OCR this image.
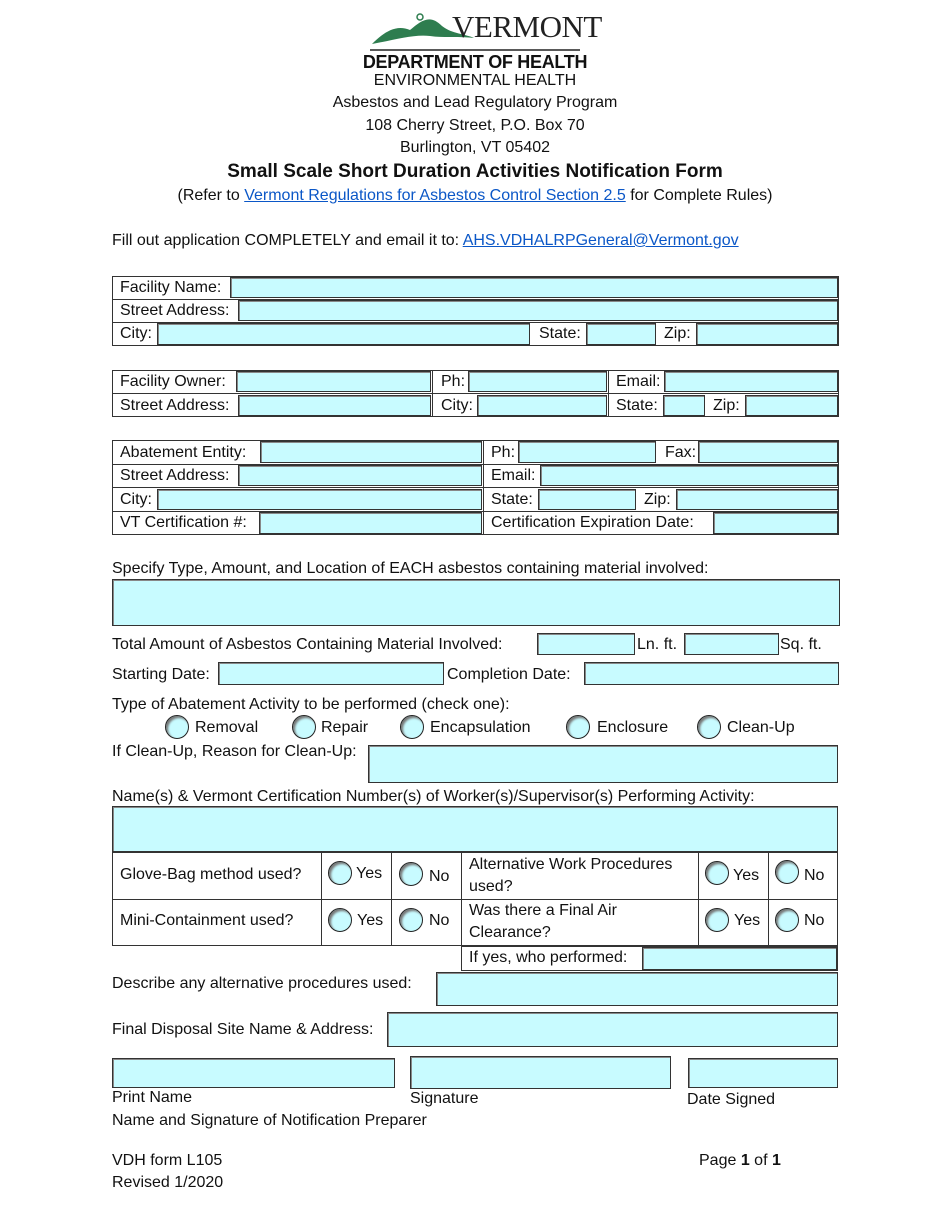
VERMONT
DEPARTMENT OF HEALTH
ENVIRONMENTAL HEALTH
Asbestos and Lead Regulatory Program
108 Cherry Street, P.O. Box 70
Burlington, VT 05402
Small Scale Short Duration Activities Notification Form
(Refer to Vermont Regulations for Asbestos Control Section 2.5 for Complete Rules)
Fill out application COMPLETELY and email it to: AHS.VDHALRPGeneral@Vermont.gov
Facility Name:
Street Address:
City:	State:	Zip:
Facility Owner:	Ph:	Email:
Street Address:	City:	State:	Zip:
Abatement Entity:	Ph:	Fax:
Street Address:	Email:
City:	State:	Zip:
VT Certification #:	Certification Expiration Date:
Specify Type, Amount, and Location of EACH asbestos containing material involved:
Total Amount of Asbestos Containing Material Involved:	Ln. ft.	Sq. ft.
Starting Date:	Completion Date:
Type of Abatement Activity to be performed (check one):
Removal	Repair	Encapsulation	Enclosure	Clean-Up
If Clean-Up, Reason for Clean-Up:
Name(s) & Vermont Certification Number(s) of Worker(s)/Supervisor(s) Performing Activity:
Glove-Bag method used?	Yes	No
Alternative Work Procedures
used?
Yes	No
Mini-Containment used?	Yes	No
Was there a Final Air
Clearance?
Yes	No
If yes, who performed:
Describe any alternative procedures used:
Final Disposal Site Name & Address:
Print Name	Signature	Date Signed
Name and Signature of Notification Preparer
VDH form L105
Revised 1/2020
Page 1 of 1
